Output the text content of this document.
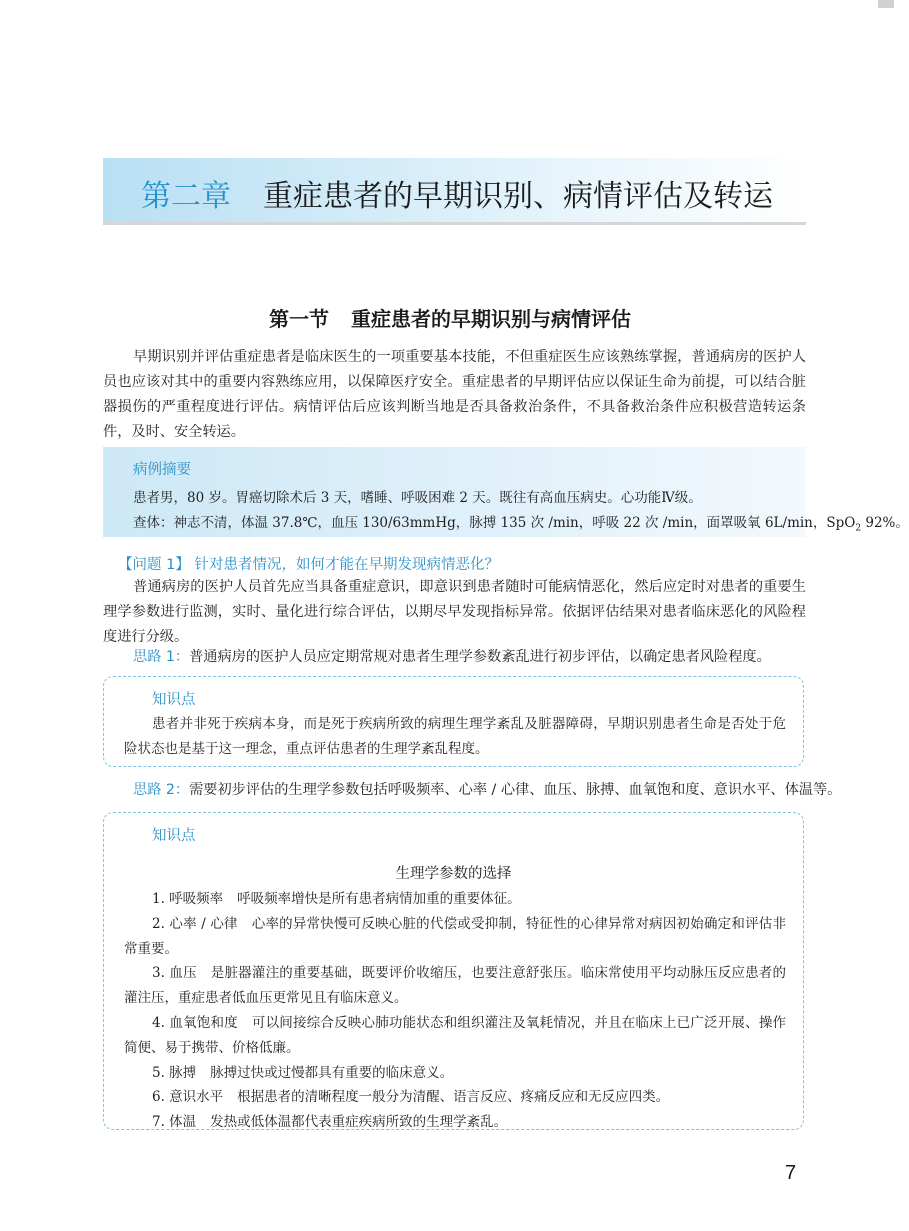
第二章 重症患者的早期识别、病情评估及转运
第一节 重症患者的早期识别与病情评估

早期识别并评估重症患者是临床医生的一项重要基本技能，不但重症医生应该熟练掌握，普通病房的医护人员也应该对其中的重要内容熟练应用，以保障医疗安全。重症患者的早期评估应以保证生命为前提，可以结合脏器损伤的严重程度进行评估。病情评估后应该判断当地是否具备救治条件，不具备救治条件应积极营造转运条件，及时、安全转运。

病例摘要
患者男，80 岁。胃癌切除术后 3 天，嗜睡、呼吸困难 2 天。既往有高血压病史。心功能Ⅳ级。
查体：神志不清，体温 37.8℃，血压 130/63mmHg，脉搏 135 次 /min，呼吸 22 次 /min，面罩吸氧 6L/min，SpO$_2$ 92%。
【问题 1】 针对患者情况，如何才能在早期发现病情恶化？

普通病房的医护人员首先应当具备重症意识，即意识到患者随时可能病情恶化，然后应定时对患者的重要生理学参数进行监测，实时、量化进行综合评估，以期尽早发现指标异常。依据评估结果对患者临床恶化的风险程度进行分级。

思路 1：普通病房的医护人员应定期常规对患者生理学参数紊乱进行初步评估，以确定患者风险程度。
知识点

患者并非死于疾病本身，而是死于疾病所致的病理生理学紊乱及脏器障碍，早期识别患者生命是否处于危险状态也是基于这一理念，重点评估患者的生理学紊乱程度。

思路 2：需要初步评估的生理学参数包括呼吸频率、心率 / 心律、血压、脉搏、血氧饱和度、意识水平、体温等。
知识点
生理学参数的选择

1. 呼吸频率 呼吸频率增快是所有患者病情加重的重要体征。

2. 心率 / 心律 心率的异常快慢可反映心脏的代偿或受抑制，特征性的心律异常对病因初始确定和评估非常重要。

3. 血压 是脏器灌注的重要基础，既要评价收缩压，也要注意舒张压。临床常使用平均动脉压反应患者的灌注压，重症患者低血压更常见且有临床意义。

4. 血氧饱和度 可以间接综合反映心肺功能状态和组织灌注及氧耗情况，并且在临床上已广泛开展、操作简便、易于携带、价格低廉。

5. 脉搏 脉搏过快或过慢都具有重要的临床意义。

6. 意识水平 根据患者的清晰程度一般分为清醒、语言反应、疼痛反应和无反应四类。

7. 体温 发热或低体温都代表重症疾病所致的生理学紊乱。

7
